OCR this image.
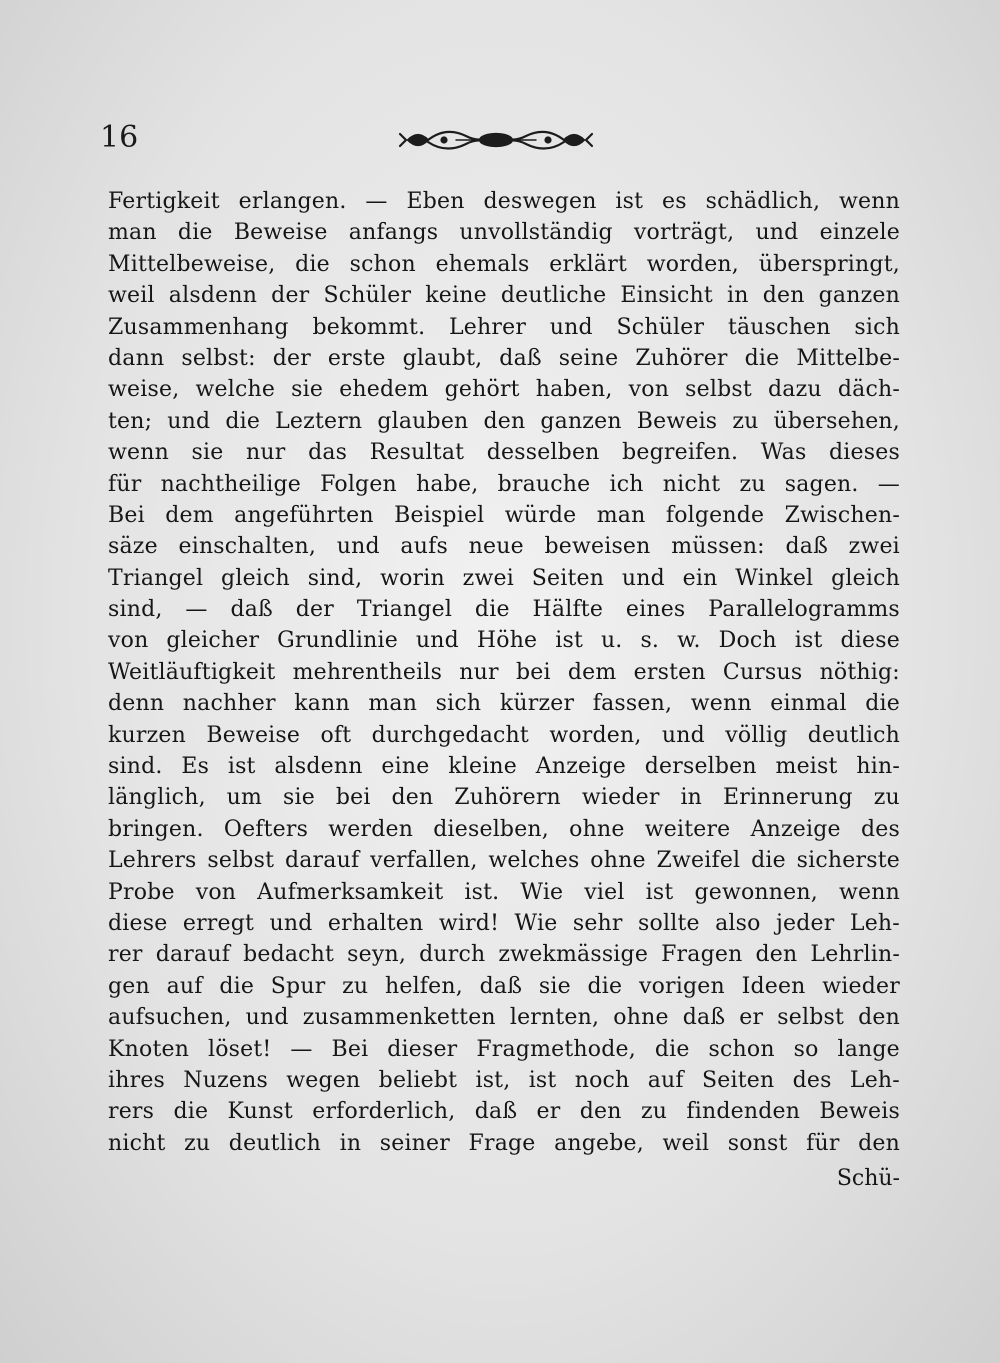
16
Fertigkeit erlangen. — Eben deswegen ist es schädlich, wenn
man die Beweise anfangs unvollständig vorträgt, und einzele
Mittelbeweise, die schon ehemals erklärt worden, überspringt,
weil alsdenn der Schüler keine deutliche Einsicht in den ganzen
Zusammenhang bekommt. Lehrer und Schüler täuschen sich
dann selbst: der erste glaubt, daß seine Zuhörer die Mittelbe-
weise, welche sie ehedem gehört haben, von selbst dazu däch-
ten; und die Leztern glauben den ganzen Beweis zu übersehen,
wenn sie nur das Resultat desselben begreifen. Was dieses
für nachtheilige Folgen habe, brauche ich nicht zu sagen. —
Bei dem angeführten Beispiel würde man folgende Zwischen-
säze einschalten, und aufs neue beweisen müssen: daß zwei
Triangel gleich sind, worin zwei Seiten und ein Winkel gleich
sind, — daß der Triangel die Hälfte eines Parallelogramms
von gleicher Grundlinie und Höhe ist u. s. w. Doch ist diese
Weitläuftigkeit mehrentheils nur bei dem ersten Cursus nöthig:
denn nachher kann man sich kürzer fassen, wenn einmal die
kurzen Beweise oft durchgedacht worden, und völlig deutlich
sind. Es ist alsdenn eine kleine Anzeige derselben meist hin-
länglich, um sie bei den Zuhörern wieder in Erinnerung zu
bringen. Oefters werden dieselben, ohne weitere Anzeige des
Lehrers selbst darauf verfallen, welches ohne Zweifel die sicherste
Probe von Aufmerksamkeit ist. Wie viel ist gewonnen, wenn
diese erregt und erhalten wird! Wie sehr sollte also jeder Leh-
rer darauf bedacht seyn, durch zwekmässige Fragen den Lehrlin-
gen auf die Spur zu helfen, daß sie die vorigen Ideen wieder
aufsuchen, und zusammenketten lernten, ohne daß er selbst den
Knoten löset! — Bei dieser Fragmethode, die schon so lange
ihres Nuzens wegen beliebt ist, ist noch auf Seiten des Leh-
rers die Kunst erforderlich, daß er den zu findenden Beweis
nicht zu deutlich in seiner Frage angebe, weil sonst für den
Schü-
